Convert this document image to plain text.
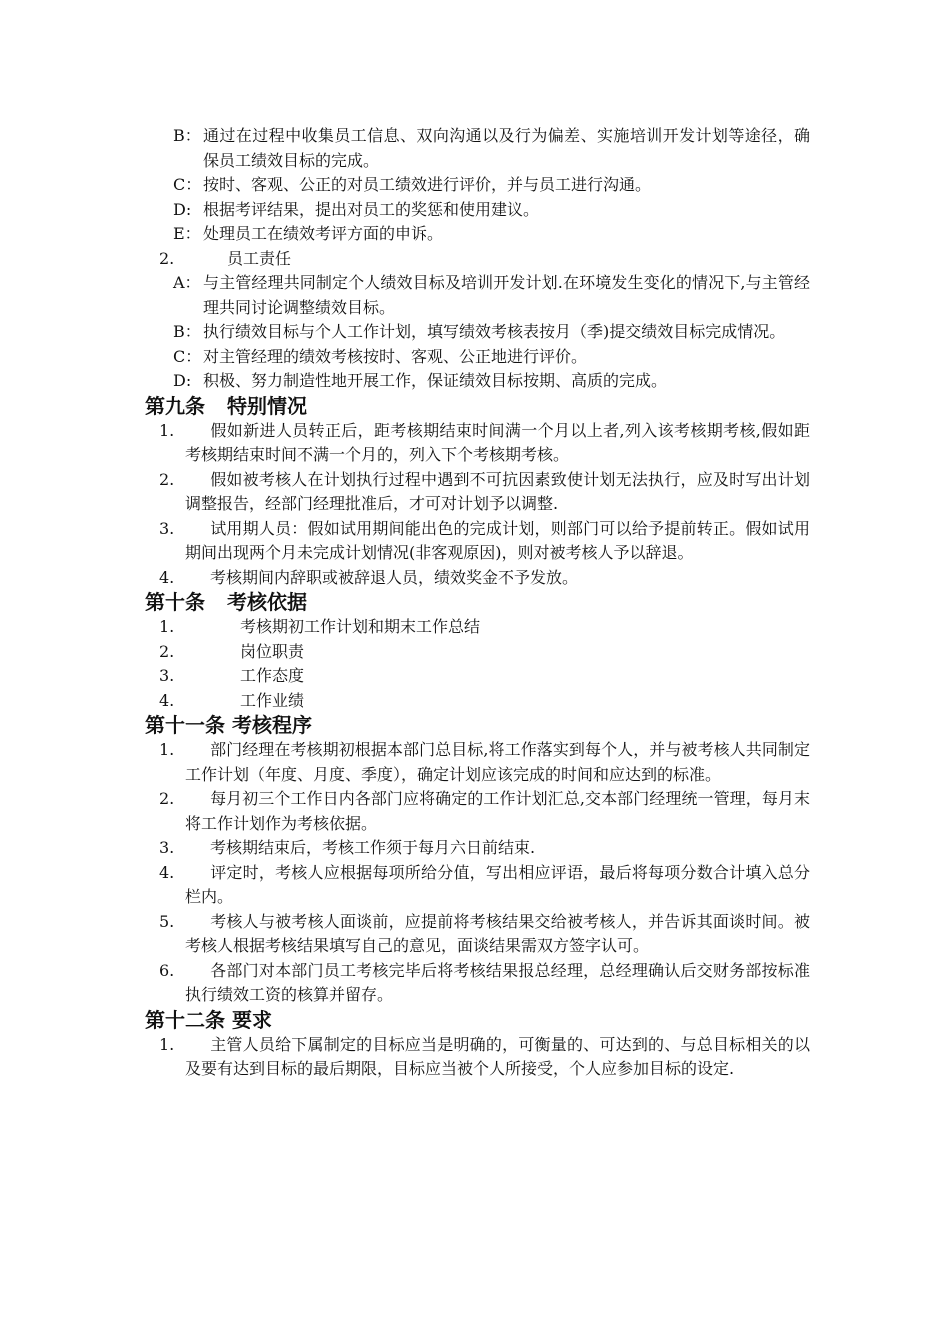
B： 通过在过程中收集员工信息、双向沟通以及行为偏差、实施培训开发计划等途径，确保员工绩效目标的完成。
C： 按时、客观、公正的对员工绩效进行评价，并与员工进行沟通。
D: 根据考评结果，提出对员工的奖惩和使用建议。
E： 处理员工在绩效考评方面的申诉。
2.	员工责任
A： 与主管经理共同制定个人绩效目标及培训开发计划.在环境发生变化的情况下,与主管经理共同讨论调整绩效目标。
B： 执行绩效目标与个人工作计划，填写绩效考核表按月（季)提交绩效目标完成情况。
C： 对主管经理的绩效考核按时、客观、公正地进行评价。
D: 积极、努力制造性地开展工作，保证绩效目标按期、高质的完成。
第九条 特别情况
1. 假如新进人员转正后，距考核期结束时间满一个月以上者,列入该考核期考核,假如距考核期结束时间不满一个月的，列入下个考核期考核。
2. 假如被考核人在计划执行过程中遇到不可抗因素致使计划无法执行，应及时写出计划调整报告，经部门经理批准后，才可对计划予以调整.
3. 试用期人员：假如试用期间能出色的完成计划，则部门可以给予提前转正。假如试用期间出现两个月未完成计划情况(非客观原因)，则对被考核人予以辞退。
4. 考核期间内辞职或被辞退人员，绩效奖金不予发放。
第十条 考核依据
1.	考核期初工作计划和期末工作总结
2.	岗位职责
3.	工作态度
4.	工作业绩
第十一条 考核程序
1. 部门经理在考核期初根据本部门总目标,将工作落实到每个人，并与被考核人共同制定工作计划（年度、月度、季度），确定计划应该完成的时间和应达到的标准。
2. 每月初三个工作日内各部门应将确定的工作计划汇总,交本部门经理统一管理，每月末将工作计划作为考核依据。
3. 考核期结束后，考核工作须于每月六日前结束.
4. 评定时，考核人应根据每项所给分值，写出相应评语，最后将每项分数合计填入总分栏内。
5. 考核人与被考核人面谈前，应提前将考核结果交给被考核人，并告诉其面谈时间。被考核人根据考核结果填写自己的意见，面谈结果需双方签字认可。
6. 各部门对本部门员工考核完毕后将考核结果报总经理，总经理确认后交财务部按标准执行绩效工资的核算并留存。
第十二条 要求
1. 主管人员给下属制定的目标应当是明确的，可衡量的、可达到的、与总目标相关的以及要有达到目标的最后期限，目标应当被个人所接受，个人应参加目标的设定.
